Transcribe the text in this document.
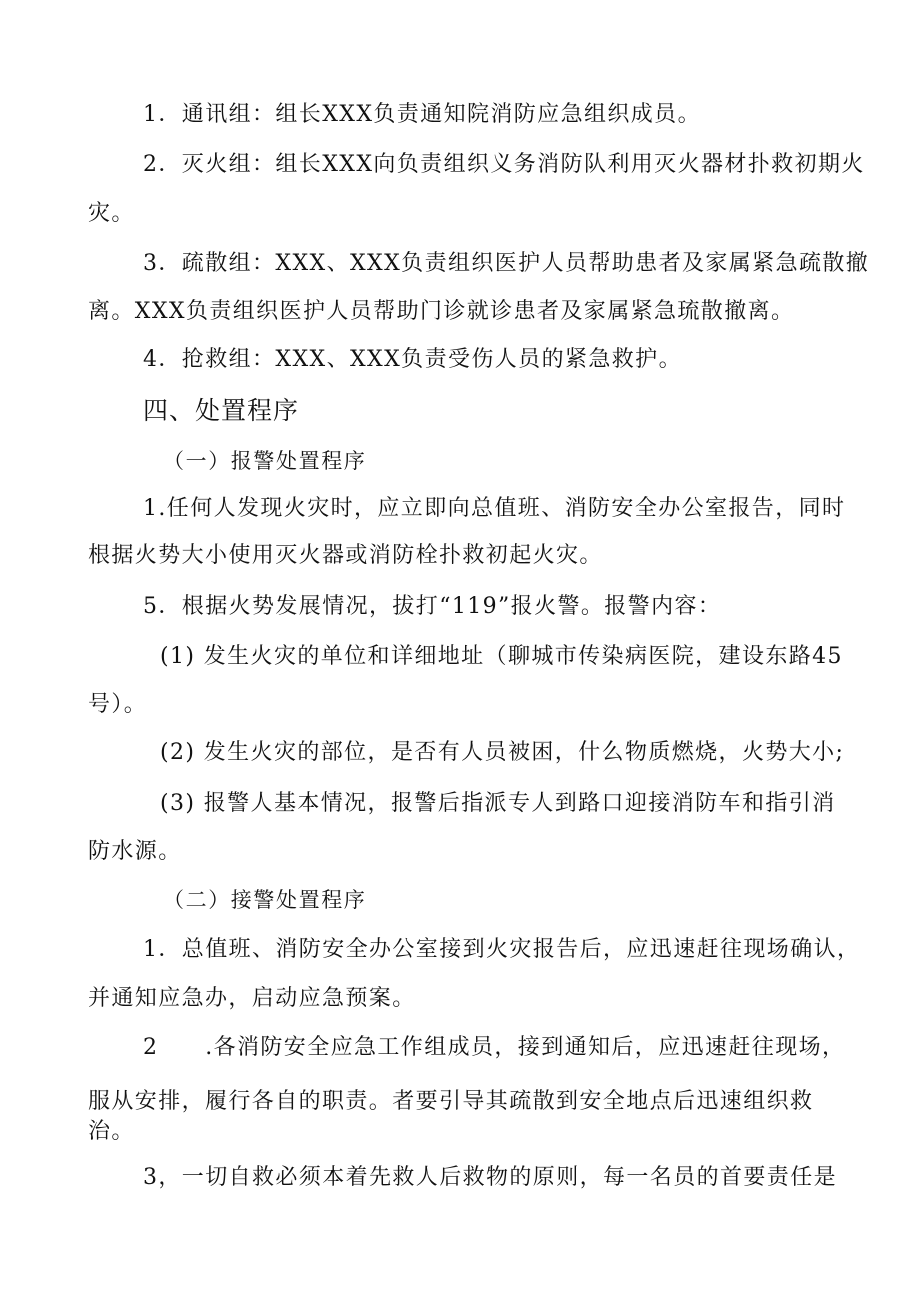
1．通讯组：组长XXX负责通知院消防应急组织成员。
2．灭火组：组长XXX向负责组织义务消防队利用灭火器材扑救初期火
灾。
3．疏散组：XXX、XXX负责组织医护人员帮助患者及家属紧急疏散撤
离。XXX负责组织医护人员帮助门诊就诊患者及家属紧急琉散撤离。
4．抢救组：XXX、XXX负责受伤人员的紧急救护。
四、处置程序
（一）报警处置程序
1.任何人发现火灾时，应立即向总值班、消防安全办公室报告，同时
根据火势大小使用灭火器或消防栓扑救初起火灾。
5．根据火势发展情况，拔打“119”报火警。报警内容：
(1) 发生火灾的单位和详细地址（聊城市传染病医院，建设东路45
号）。
(2) 发生火灾的部位，是否有人员被困，什么物质燃烧，火势大小;
(3) 报警人基本情况，报警后指派专人到路口迎接消防车和指引消
防水源。
（二）接警处置程序
1．总值班、消防安全办公室接到火灾报告后，应迅速赶往现场确认，
并通知应急办，启动应急预案。
2　　.各消防安全应急工作组成员，接到通知后，应迅速赶往现场，
服从安排，履行各自的职责。者要引导其疏散到安全地点后迅速组织救
治。
3，一切自救必须本着先救人后救物的原则，每一名员的首要责任是
